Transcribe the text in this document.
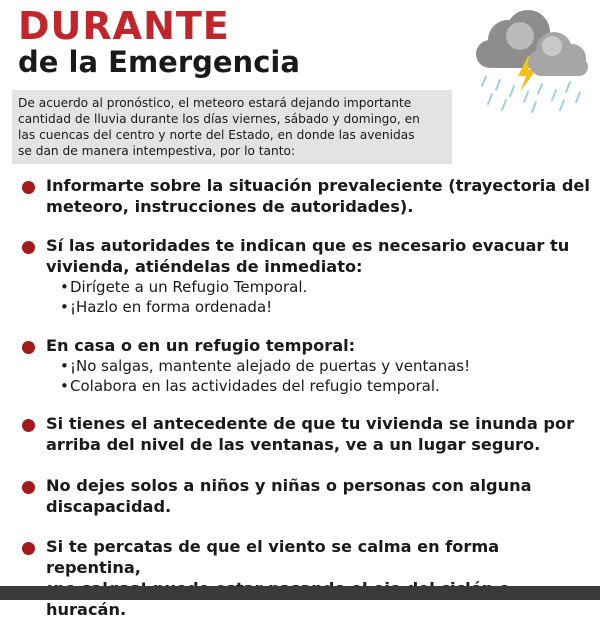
DURANTE
de la Emergencia
De acuerdo al pronóstico, el meteoro estará dejando importante
cantidad de lluvia durante los días viernes, sábado y domingo, en
las cuencas del centro y norte del Estado, en donde las avenidas
se dan de manera intempestiva, por lo tanto:
Informarte sobre la situación prevaleciente (trayectoria del
meteoro, instrucciones de autoridades).
Sí las autoridades te indican que es necesario evacuar tu
vivienda, atiéndelas de inmediato:
•Dirígete a un Refugio Temporal.
•¡Hazlo en forma ordenada!
En casa o en un refugio temporal:
•¡No salgas, mantente alejado de puertas y ventanas!
•Colabora en las actividades del refugio temporal.
Si tienes el antecedente de que tu vivienda se inunda por
arriba del nivel de las ventanas, ve a un lugar seguro.
No dejes solos a niños y niñas o personas con alguna
discapacidad.
Si te percatas de que el viento se calma en forma repentina,
huracán.
